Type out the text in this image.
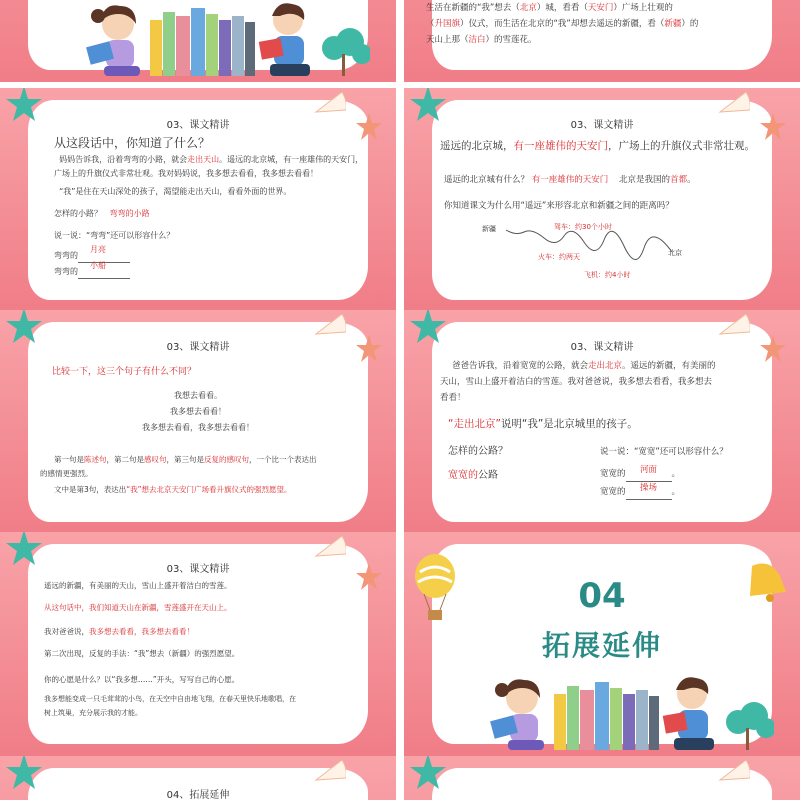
生活在新疆的“我”想去（北京）城，看看（天安门）广场上壮观的
（升国旗）仪式，而生活在北京的“我”却想去遥远的新疆，看（新疆）的
天山上那（洁白）的雪莲花。
03、课文精讲
从这段话中，你知道了什么？
妈妈告诉我，沿着弯弯的小路，就会走出天山。遥远的北京城，有一座雄伟的天安门，
广场上的升旗仪式非常壮观。我对妈妈说，我多想去看看，我多想去看看！
“我”是住在天山深处的孩子，渴望能走出天山，看看外面的世界。
怎样的小路？ 弯弯的小路
说一说：“弯弯”还可以形容什么？
月亮
弯弯的
小船
弯弯的
03、课文精讲
遥远的北京城，有一座雄伟的天安门，广场上的升旗仪式非常壮观。
遥远的北京城有什么？ 有一座雄伟的天安门 北京是我国的首都。
你知道课文为什么用“遥远”来形容北京和新疆之间的距离吗？
新疆
北京
驾车：约30个小时
火车：约两天
飞机：约4小时
03、课文精讲
比较一下，这三个句子有什么不同？
我想去看看。
我多想去看看！
我多想去看看，我多想去看看！
第一句是陈述句，第二句是感叹句，第三句是反复的感叹句，一个比一个表达出
的感情更强烈。
文中是第3句，表达出“我”想去北京天安门广场看升旗仪式的强烈愿望。
03、课文精讲
爸爸告诉我，沿着宽宽的公路，就会走出北京。遥远的新疆，有美丽的
天山，雪山上盛开着洁白的雪莲。我对爸爸说，我多想去看看，我多想去
看看！
“走出北京”说明“我”是北京城里的孩子。
怎样的公路？
宽宽的公路
说一说：“宽宽”还可以形容什么？
河面
宽宽的	。
操场
宽宽的	。
03、课文精讲
遥远的新疆，有美丽的天山，雪山上盛开着洁白的雪莲。
从这句话中，我们知道天山在新疆，雪莲盛开在天山上。
我对爸爸说，我多想去看看，我多想去看看！
第二次出现，反复的手法：“我”想去（新疆）的强烈愿望。
你的心愿是什么？以“我多想……”开头，写写自己的心愿。
我多想能变成一只毛茸茸的小鸟，在天空中自由地飞翔，在春天里快乐地歌唱，在
树上筑巢，充分展示我的才能。
04
拓展延伸
04、拓展延伸
